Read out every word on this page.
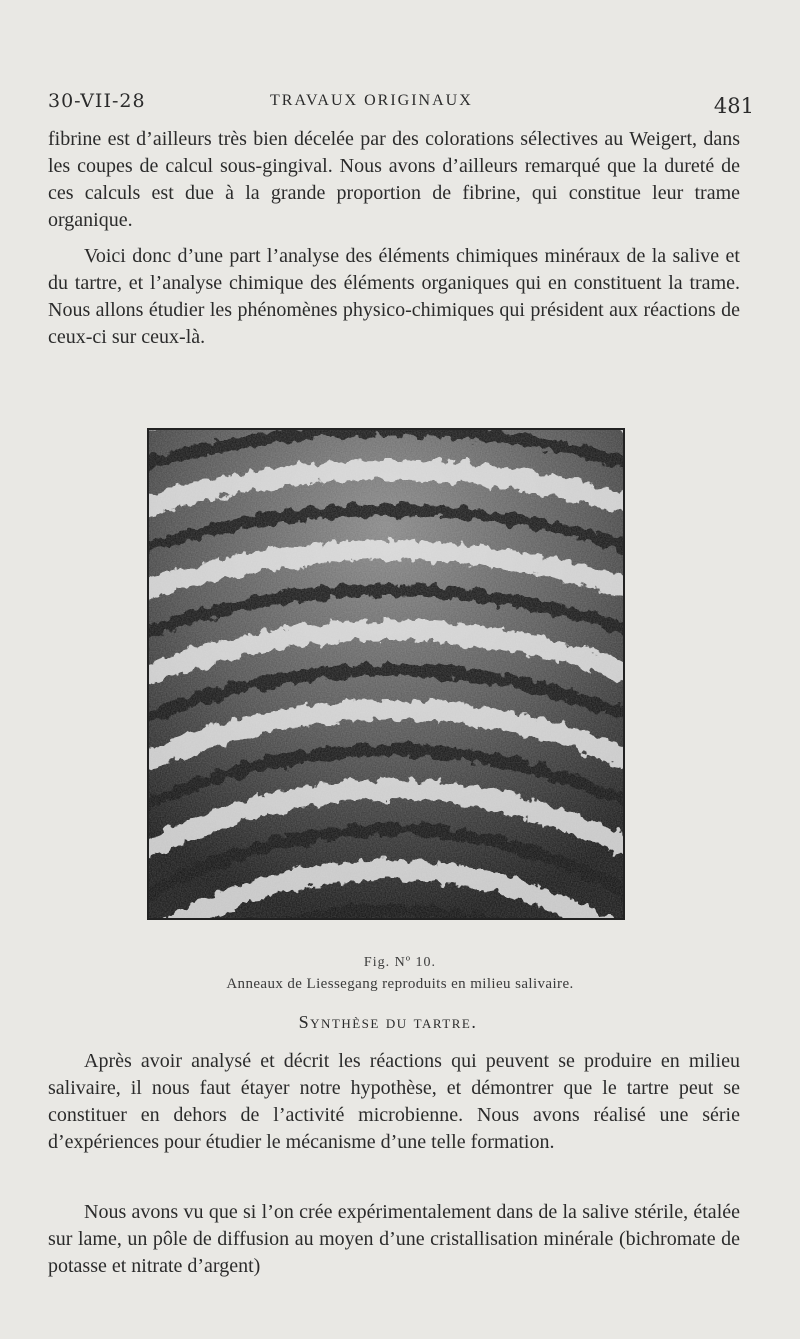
30-VII-28	TRAVAUX ORIGINAUX	481

fibrine est d’ailleurs très bien décelée par des colorations sélectives au Weigert, dans les coupes de calcul sous-gingival. Nous avons d’ailleurs remarqué que la dureté de ces calculs est due à la grande proportion de fibrine, qui constitue leur trame organique.

Voici donc d’une part l’analyse des éléments chimiques minéraux de la salive et du tartre, et l’analyse chimique des éléments organiques qui en constituent la trame. Nous allons étudier les phénomènes physico-chimiques qui président aux réactions de ceux-ci sur ceux-là.

Fig. Nº 10.
Anneaux de Liessegang reproduits en milieu salivaire.
Synthèse du tartre.

Après avoir analysé et décrit les réactions qui peuvent se produire en milieu salivaire, il nous faut étayer notre hypothèse, et démontrer que le tartre peut se constituer en dehors de l’activité microbienne. Nous avons réalisé une série d’expériences pour étudier le mécanisme d’une telle formation.

Nous avons vu que si l’on crée expérimentalement dans de la salive stérile, étalée sur lame, un pôle de diffusion au moyen d’une cristallisation minérale (bichromate de potasse et nitrate d’argent)
